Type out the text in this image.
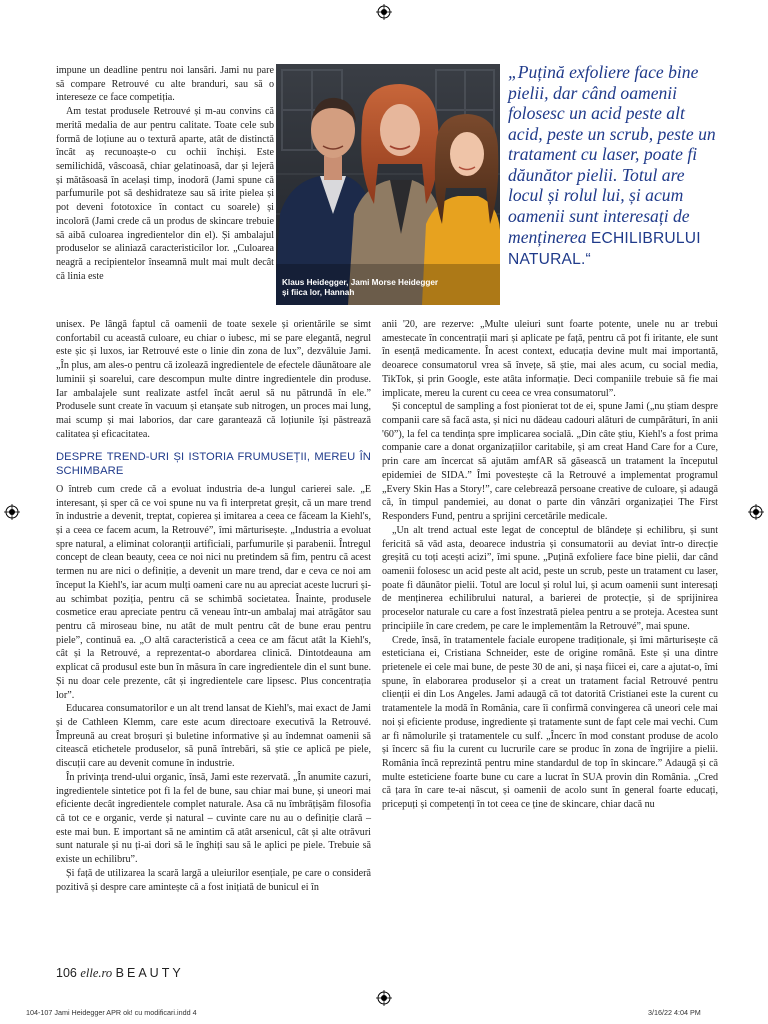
impune un deadline pentru noi lansări. Jami nu pare să compare Retrouvé cu alte branduri, sau să o intereseze ce face competiția.

Am testat produsele Retrouvé și m-au convins că merită medalia de aur pentru calitate. Toate cele sub formă de loțiune au o textură aparte, atât de distinctă încât aș recunoaște-o cu ochii închiși. Este semilichidă, vâscoasă, chiar gelatinoasă, dar și lejeră și mătăsoasă în același timp, inodoră (Jami spune că parfumurile pot să deshidrateze sau să irite pielea și pot deveni fototoxice în contact cu soarele) și incoloră (Jami crede că un produs de skincare trebuie să aibă culoarea ingredientelor din el). Și ambalajul produselor se aliniază caracteristicilor lor. „Culoarea neagră a recipientelor înseamnă mult mai mult decât că linia este

Klaus Heidegger, Jami Morse Heidegger
și fiica lor, Hannah
„Puțină exfoliere face bine pielii, dar când oamenii folosesc un acid peste alt acid, peste un scrub, peste un tratament cu laser, poate fi dăunător pielii. Totul are locul și rolul lui, și acum oamenii sunt interesați de menținerea ECHILIBRULUI NATURAL.“

unisex. Pe lângă faptul că oamenii de toate sexele și orientările se simt confortabil cu această culoare, eu chiar o iubesc, mi se pare elegantă, negrul este șic și luxos, iar Retrouvé este o linie din zona de lux”, dezvăluie Jami. „În plus, am ales-o pentru că izolează ingredientele de efectele dăunătoare ale luminii și soarelui, care descompun multe dintre ingredientele din produse. Iar ambalajele sunt realizate astfel încât aerul să nu pătrundă în ele.” Produsele sunt create în vacuum și etanșate sub nitrogen, un proces mai lung, mai scump și mai laborios, dar care garantează că loțiunile își păstrează calitatea și eficacitatea.

DESPRE TREND-URI ȘI ISTORIA FRUMUSEȚII, MEREU ÎN SCHIMBARE

O întreb cum crede că a evoluat industria de-a lungul carierei sale. „E interesant, și sper că ce voi spune nu va fi interpretat greșit, că un mare trend în industrie a devenit, treptat, copierea și imitarea a ceea ce făceam la Kiehl's, și a ceea ce facem acum, la Retrouvé”, îmi mărturisește. „Industria a evoluat spre natural, a eliminat coloranții artificiali, parfumurile și parabenii. Întregul concept de clean beauty, ceea ce noi nici nu pretindem să fim, pentru că acest termen nu are nici o definiție, a devenit un mare trend, dar e ceva ce noi am început la Kiehl's, iar acum mulți oameni care nu au apreciat aceste lucruri și-au schimbat poziția, pentru că se schimbă societatea. Înainte, produsele cosmetice erau apreciate pentru că veneau într-un ambalaj mai atrăgător sau pentru că miroseau bine, nu atât de mult pentru cât de bune erau pentru piele”, continuă ea. „O altă caracteristică a ceea ce am făcut atât la Kiehl's, cât și la Retrouvé, a reprezentat-o abordarea clinică. Dintotdeauna am explicat că produsul este bun în măsura în care ingredientele din el sunt bune. Și nu doar cele prezente, cât și ingredientele care lipsesc. Plus concentrația lor”.

Educarea consumatorilor e un alt trend lansat de Kiehl's, mai exact de Jami și de Cathleen Klemm, care este acum directoare executivă la Retrouvé. Împreună au creat broșuri și buletine informative și au îndemnat oamenii să citească etichetele produselor, să pună întrebări, să știe ce aplică pe piele, discuții care au devenit comune în industrie.

În privința trend-ului organic, însă, Jami este rezervată. „În anumite cazuri, ingredientele sintetice pot fi la fel de bune, sau chiar mai bune, și uneori mai eficiente decât ingredientele complet naturale. Asa că nu îmbrățișăm filosofia că tot ce e organic, verde și natural – cuvinte care nu au o definiție clară – este mai bun. E important să ne amintim că atât arsenicul, cât și alte otrăvuri sunt naturale și nu ți-ai dori să le înghiți sau să le aplici pe piele. Trebuie să existe un echilibru”.

Și față de utilizarea la scară largă a uleiurilor esențiale, pe care o consideră pozitivă și despre care amintește că a fost inițiată de bunicul ei în

anii '20, are rezerve: „Multe uleiuri sunt foarte potente, unele nu ar trebui amestecate în concentrații mari și aplicate pe față, pentru că pot fi iritante, ele sunt în esență medicamente. În acest context, educația devine mult mai importantă, deoarece consumatorul vrea să învețe, să știe, mai ales acum, cu social media, TikTok, și prin Google, este atâta informație. Deci companiile trebuie să fie mai implicate, mereu la curent cu ceea ce vrea consumatorul”.

Și conceptul de sampling a fost pionierat tot de ei, spune Jami („nu știam despre companii care să facă asta, și nici nu dădeau cadouri alături de cumpărături, în anii '60”), la fel ca tendința spre implicarea socială. „Din câte știu, Kiehl's a fost prima companie care a donat organizațiilor caritabile, și am creat Hand Care for a Cure, prin care am încercat să ajutăm amfAR să găsească un tratament la începutul epidemiei de SIDA.” Îmi povestește că la Retrouvé a implementat programul „Every Skin Has a Story!”, care celebrează persoane creative de culoare, și adaugă că, în timpul pandemiei, au donat o parte din vânzări organizației The First Responders Fund, pentru a sprijini cercetările medicale.

„Un alt trend actual este legat de conceptul de blândețe și echilibru, și sunt fericită să văd asta, deoarece industria și consumatorii au deviat într-o direcție greșită cu toți acești acizi”, îmi spune. „Puțină exfoliere face bine pielii, dar când oamenii folosesc un acid peste alt acid, peste un scrub, peste un tratament cu laser, poate fi dăunător pielii. Totul are locul și rolul lui, și acum oamenii sunt interesați de menținerea echilibrului natural, a barierei de protecție, și de sprijinirea proceselor naturale cu care a fost înzestrată pielea pentru a se proteja. Acestea sunt principiile în care credem, pe care le implementăm la Retrouvé”, mai spune.

Crede, însă, în tratamentele faciale europene tradiționale, și îmi mărturisește că esteticiana ei, Cristiana Schneider, este de origine română. Este și una dintre prietenele ei cele mai bune, de peste 30 de ani, și nașa fiicei ei, care a ajutat-o, îmi spune, în elaborarea produselor și a creat un tratament facial Retrouvé pentru clienții ei din Los Angeles. Jami adaugă că tot datorită Cristianei este la curent cu tratamentele la modă în România, care îi confirmă convingerea că uneori cele mai noi și eficiente produse, ingrediente și tratamente sunt de fapt cele mai vechi. Cum ar fi nămolurile și tratamentele cu sulf. „Încerc în mod constant produse de acolo și încerc să fiu la curent cu lucrurile care se produc în zona de îngrijire a pielii. România încă reprezintă pentru mine standardul de top în skincare.” Adaugă și că multe esteticiene foarte bune cu care a lucrat în SUA provin din România. „Cred că țara în care te-ai născut, și oamenii de acolo sunt în general foarte educați, pricepuți și competenți în tot ceea ce ține de skincare, chiar dacă nu

106 elle.ro BEAUTY
104-107 Jami Heidegger APR ok! cu modificari.indd 4	3/16/22 4:04 PM
